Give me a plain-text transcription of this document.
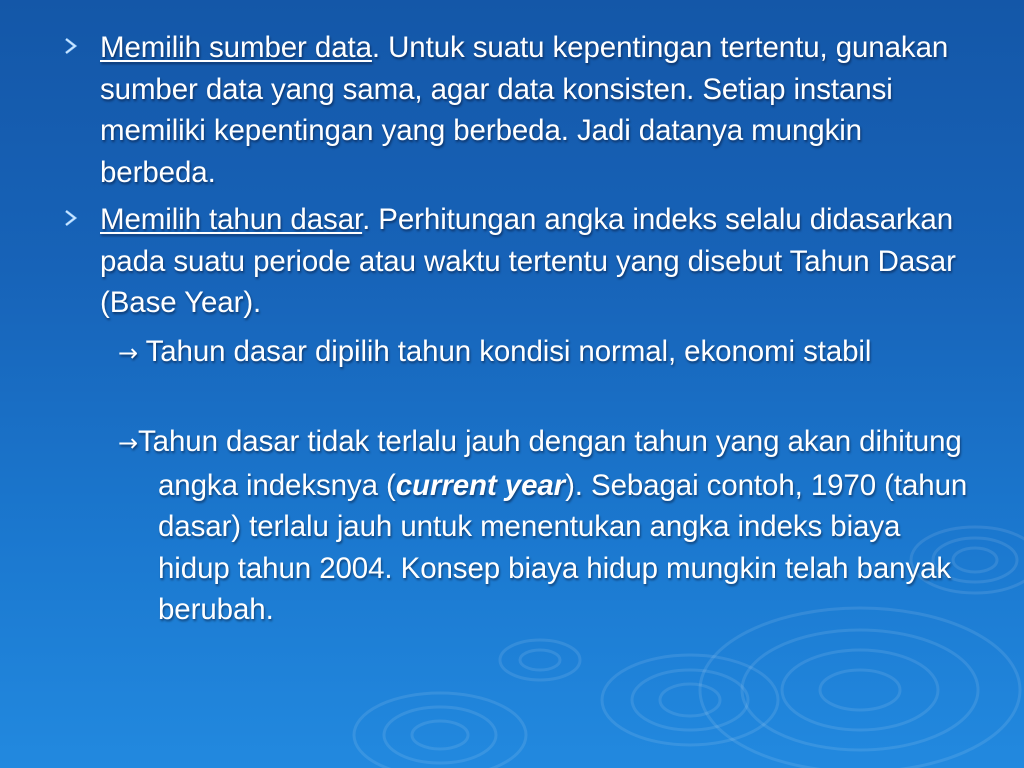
Memilih sumber data. Untuk suatu kepentingan tertentu, gunakan sumber data yang sama, agar data konsisten. Setiap instansi memiliki kepentingan yang berbeda. Jadi datanya mungkin berbeda.
Memilih tahun dasar. Perhitungan angka indeks selalu didasarkan pada suatu periode atau waktu tertentu yang disebut Tahun Dasar (Base Year).
→ Tahun dasar dipilih tahun kondisi normal, ekonomi stabil
→Tahun dasar tidak terlalu jauh dengan tahun yang akan dihitung angka indeksnya (current year). Sebagai contoh, 1970 (tahun dasar) terlalu jauh untuk menentukan angka indeks biaya hidup tahun 2004. Konsep biaya hidup mungkin telah banyak berubah.
